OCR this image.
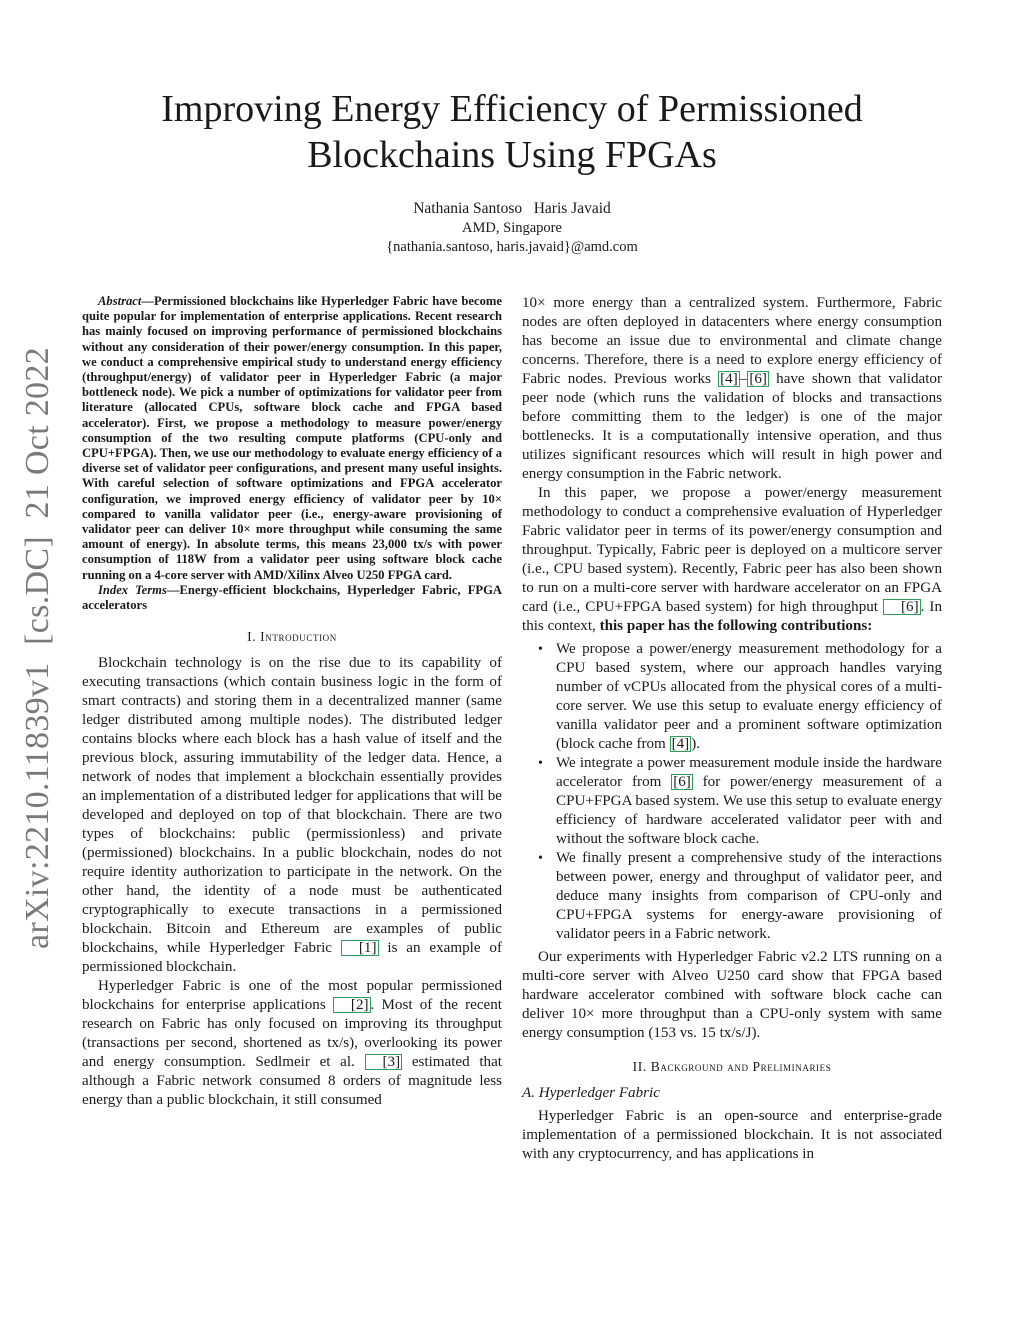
Improving Energy Efficiency of Permissioned Blockchains Using FPGAs
Nathania Santoso   Haris Javaid
AMD, Singapore
{nathania.santoso, haris.javaid}@amd.com
arXiv:2210.11839v1  [cs.DC]  21 Oct 2022

Abstract—Permissioned blockchains like Hyperledger Fabric have become quite popular for implementation of enterprise applications. Recent research has mainly focused on improving performance of permissioned blockchains without any consideration of their power/energy consumption. In this paper, we conduct a comprehensive empirical study to understand energy efficiency (throughput/energy) of validator peer in Hyperledger Fabric (a major bottleneck node). We pick a number of optimizations for validator peer from literature (allocated CPUs, software block cache and FPGA based accelerator). First, we propose a methodology to measure power/energy consumption of the two resulting compute platforms (CPU-only and CPU+FPGA). Then, we use our methodology to evaluate energy efficiency of a diverse set of validator peer configurations, and present many useful insights. With careful selection of software optimizations and FPGA accelerator configuration, we improved energy efficiency of validator peer by 10× compared to vanilla validator peer (i.e., energy-aware provisioning of validator peer can deliver 10× more throughput while consuming the same amount of energy). In absolute terms, this means 23,000 tx/s with power consumption of 118W from a validator peer using software block cache running on a 4-core server with AMD/Xilinx Alveo U250 FPGA card.

Index Terms—Energy-efficient blockchains, Hyperledger Fabric, FPGA accelerators

I. Introduction

Blockchain technology is on the rise due to its capability of executing transactions (which contain business logic in the form of smart contracts) and storing them in a decentralized manner (same ledger distributed among multiple nodes). The distributed ledger contains blocks where each block has a hash value of itself and the previous block, assuring immutability of the ledger data. Hence, a network of nodes that implement a blockchain essentially provides an implementation of a distributed ledger for applications that will be developed and deployed on top of that blockchain. There are two types of blockchains: public (permissionless) and private (permissioned) blockchains. In a public blockchain, nodes do not require identity authorization to participate in the network. On the other hand, the identity of a node must be authenticated cryptographically to execute transactions in a permissioned blockchain. Bitcoin and Ethereum are examples of public blockchains, while Hyperledger Fabric [1] is an example of permissioned blockchain.

Hyperledger Fabric is one of the most popular permissioned blockchains for enterprise applications [2] . Most of the recent research on Fabric has only focused on improving its throughput (transactions per second, shortened as tx/s), overlooking its power and energy consumption. Sedlmeir et al. [3] estimated that although a Fabric network consumed 8 orders of magnitude less energy than a public blockchain, it still consumed

10× more energy than a centralized system. Furthermore, Fabric nodes are often deployed in datacenters where energy consumption has become an issue due to environmental and climate change concerns. Therefore, there is a need to explore energy efficiency of Fabric nodes. Previous works [4] – [6] have shown that validator peer node (which runs the validation of blocks and transactions before committing them to the ledger) is one of the major bottlenecks. It is a computationally intensive operation, and thus utilizes significant resources which will result in high power and energy consumption in the Fabric network.

In this paper, we propose a power/energy measurement methodology to conduct a comprehensive evaluation of Hyperledger Fabric validator peer in terms of its power/energy consumption and throughput. Typically, Fabric peer is deployed on a multicore server (i.e., CPU based system). Recently, Fabric peer has also been shown to run on a multi-core server with hardware accelerator on an FPGA card (i.e., CPU+FPGA based system) for high throughput [6] . In this context, this paper has the following contributions:

• We propose a power/energy measurement methodology for a CPU based system, where our approach handles varying number of vCPUs allocated from the physical cores of a multi-core server. We use this setup to evaluate energy efficiency of vanilla validator peer and a prominent software optimization (block cache from [4] ).
• We integrate a power measurement module inside the hardware accelerator from [6] for power/energy measurement of a CPU+FPGA based system. We use this setup to evaluate energy efficiency of hardware accelerated validator peer with and without the software block cache.
• We finally present a comprehensive study of the interactions between power, energy and throughput of validator peer, and deduce many insights from comparison of CPU-only and CPU+FPGA systems for energy-aware provisioning of validator peers in a Fabric network.

Our experiments with Hyperledger Fabric v2.2 LTS running on a multi-core server with Alveo U250 card show that FPGA based hardware accelerator combined with software block cache can deliver 10× more throughput than a CPU-only system with same energy consumption (153 vs. 15 tx/s/J).

II. Background and Preliminaries
A. Hyperledger Fabric

Hyperledger Fabric is an open-source and enterprise-grade implementation of a permissioned blockchain. It is not associated with any cryptocurrency, and has applications in
